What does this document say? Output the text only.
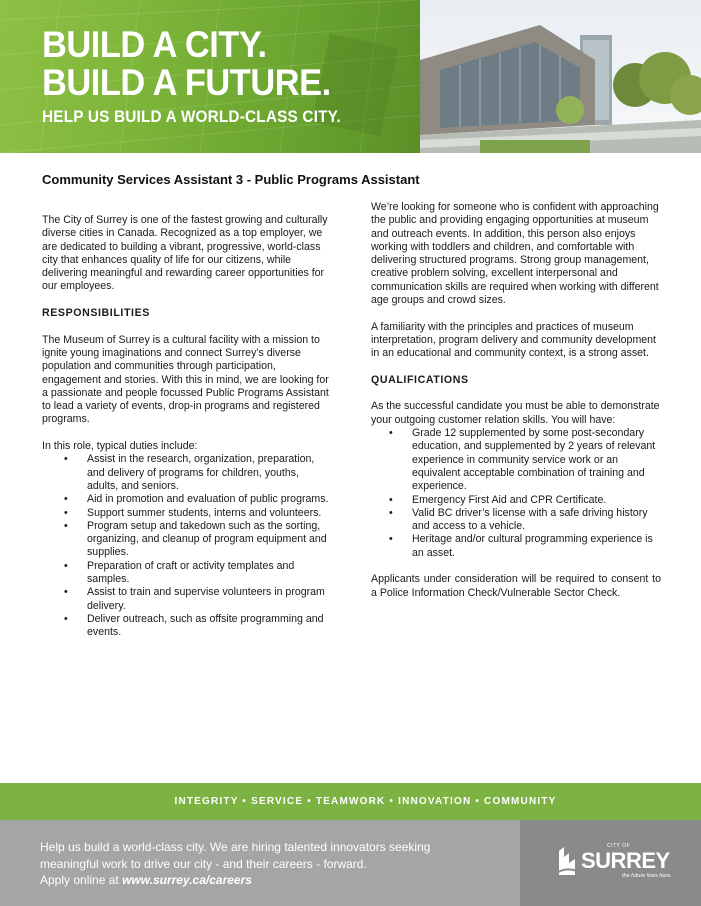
BUILD A CITY.
BUILD A FUTURE.
HELP US BUILD A WORLD-CLASS CITY.
Community Services Assistant 3 - Public Programs Assistant

The City of Surrey is one of the fastest growing and culturally diverse cities in Canada. Recognized as a top employer, we are dedicated to building a vibrant, progressive, world-class city that enhances quality of life for our citizens, while delivering meaningful and rewarding career opportunities for our employees.

RESPONSIBILITIES

The Museum of Surrey is a cultural facility with a mission to ignite young imaginations and connect Surrey’s diverse population and communities through participation, engagement and stories. With this in mind, we are looking for a passionate and people focussed Public Programs Assistant to lead a variety of events, drop-in programs and registered programs.

In this role, typical duties include:
• Assist in the research, organization, preparation, and delivery of programs for children, youths, adults, and seniors.
• Aid in promotion and evaluation of public programs.
• Support summer students, interns and volunteers.
• Program setup and takedown such as the sorting, organizing, and cleanup of program equipment and supplies.
• Preparation of craft or activity templates and samples.
• Assist to train and supervise volunteers in program delivery.
• Deliver outreach, such as offsite programming and events.

We’re looking for someone who is confident with approaching the public and providing engaging opportunities at museum and outreach events. In addition, this person also enjoys working with toddlers and children, and comfortable with delivering structured programs. Strong group management, creative problem solving, excellent interpersonal and communication skills are required when working with different age groups and crowd sizes.

A familiarity with the principles and practices of museum interpretation, program delivery and community development in an educational and community context, is a strong asset.

QUALIFICATIONS
As the successful candidate you must be able to demonstrate your outgoing customer relation skills. You will have:
• Grade 12 supplemented by some post-secondary education, and supplemented by 2 years of relevant experience in community service work or an equivalent acceptable combination of training and experience.
• Emergency First Aid and CPR Certificate.
• Valid BC driver’s license with a safe driving history and access to a vehicle.
• Heritage and/or cultural programming experience is an asset.

Applicants under consideration will be required to consent to a Police Information Check/Vulnerable Sector Check.

INTEGRITY • SERVICE • TEAMWORK • INNOVATION • COMMUNITY
Help us build a world-class city. We are hiring talented innovators seeking
meaningful work to drive our city - and their careers - forward.
Apply online at www.surrey.ca/careers
CITY OF
SURREY
the future lives here.
